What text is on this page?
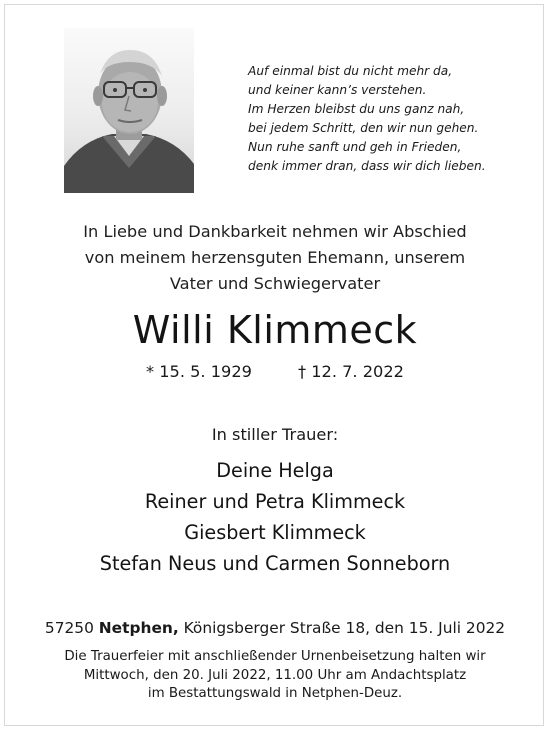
Auf einmal bist du nicht mehr da,
und keiner kann’s verstehen.
Im Herzen bleibst du uns ganz nah,
bei jedem Schritt, den wir nun gehen.
Nun ruhe sanft und geh in Frieden,
denk immer dran, dass wir dich lieben.
In Liebe und Dankbarkeit nehmen wir Abschied
von meinem herzensguten Ehemann, unserem
Vater und Schwiegervater
Willi Klimmeck
* 15. 5. 1929	† 12. 7. 2022
In stiller Trauer:
Deine Helga
Reiner und Petra Klimmeck
Giesbert Klimmeck
Stefan Neus und Carmen Sonneborn
57250 Netphen, Königsberger Straße 18, den 15. Juli 2022
Die Trauerfeier mit anschließender Urnenbeisetzung halten wir
Mittwoch, den 20. Juli 2022, 11.00 Uhr am Andachtsplatz
im Bestattungswald in Netphen-Deuz.
